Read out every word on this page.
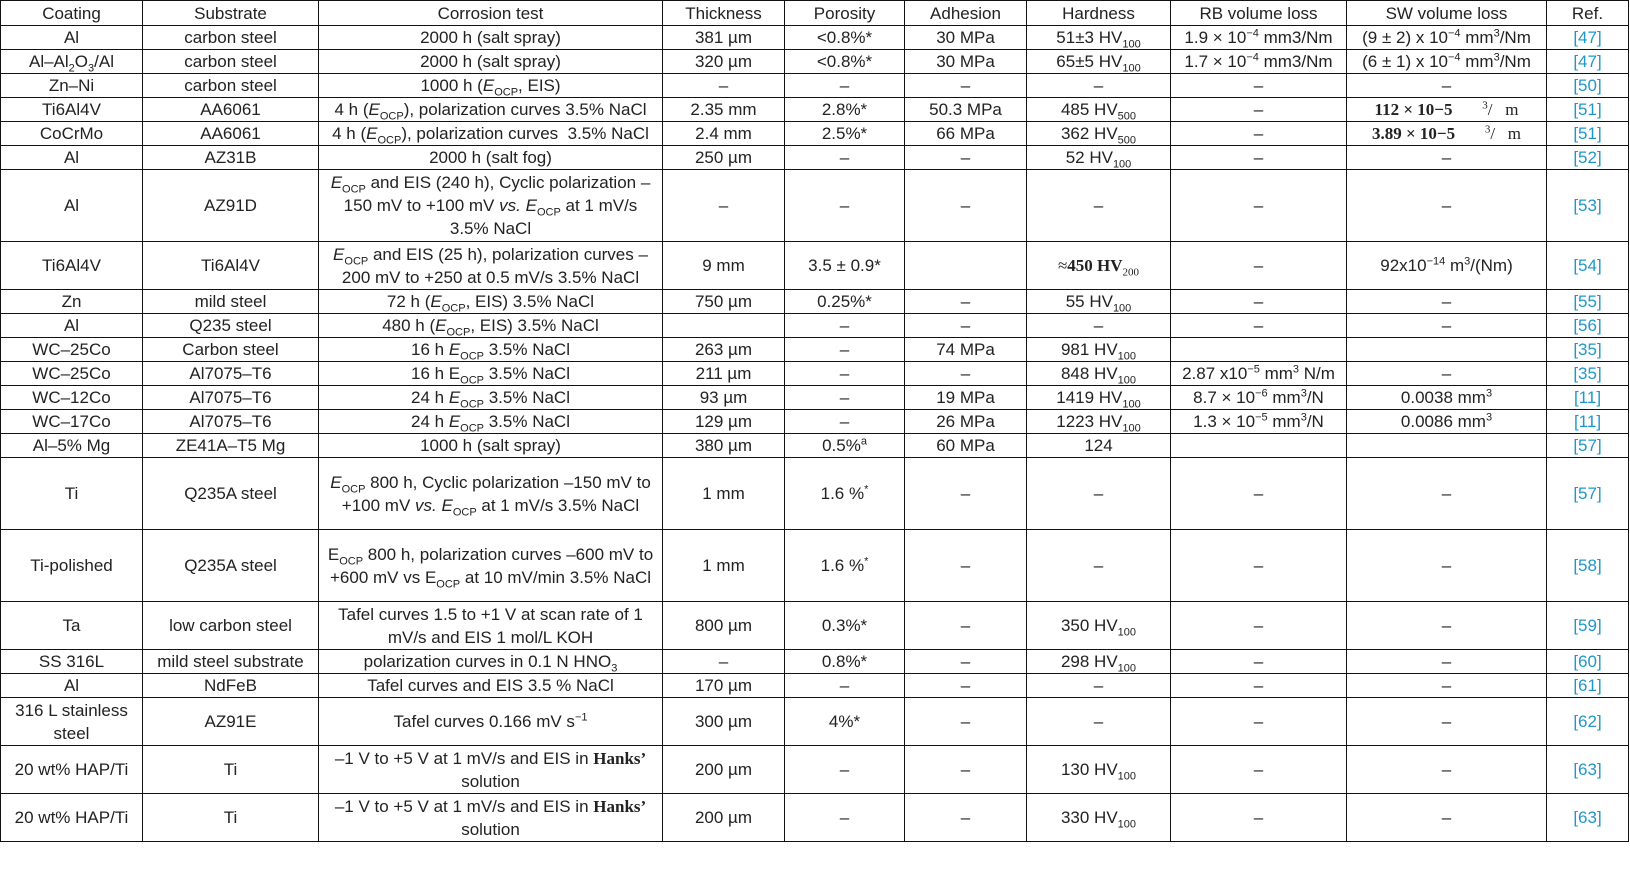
Coating	Substrate	Corrosion test	Thickness	Porosity	Adhesion	Hardness	RB volume loss	SW volume loss	Ref.
Al	carbon steel	2000 h (salt spray)	381 µm	<0.8%*	30 MPa	51±3 $HV_{100}$	$1.9 \times 10^{-4}$ mm3/Nm	(9 ± 2) x $10^{-4}$ $mm^3/Nm$	[47]
$Al-Al_2O_3/Al$	carbon steel	2000 h (salt spray)	320 µm	<0.8%*	30 MPa	65±5 $HV_{100}$	$1.7 \times 10^{-4}$ mm3/Nm	(6 ± 1) x $10^{-4}$ $mm^3/Nm$	[47]
Zn–Ni	carbon steel	1000 h ($E_{OCP}$, EIS)	–	–	–	–	–	–	[50]
Ti6Al4V	AA6061	4 h $(E_{OCP})$, polarization curves 3.5% NaCl	2.35 mm	2.8%*	50.3 MPa	485 $HV_{500}$	–	112 × 10−5 $^3$/   m	[51]
CoCrMo	AA6061	4 h $(E_{OCP})$, polarization curves  3.5% NaCl	2.4 mm	2.5%*	66 MPa	362 $HV_{500}$	–	3.89 × 10−5 $^3$/   m	[51]
Al	AZ31B	2000 h (salt fog)	250 µm	–	–	52 $HV_{100}$	–	–	[52]
Al	AZ91D	$E_{OCP}$ and EIS (240 h), Cyclic polarization –150 mV to +100 mV vs. $E_{OCP}$ at 1 mV/s 3.5% NaCl	–	–	–	–	–	–	[53]
Ti6Al4V	Ti6Al4V	$E_{OCP}$ and EIS (25 h), polarization curves –200 mV to +250 at 0.5 mV/s 3.5% NaCl	9 mm	3.5 ± 0.9*		≈450 $HV_{200}$	–	$92x10^{-14}$ $m^3/(Nm)$	[54]
Zn	mild steel	72 h ($E_{OCP}$, EIS) 3.5% NaCl	750 µm	0.25%*	–	55 $HV_{100}$	–	–	[55]
Al	Q235 steel	480 h ($E_{OCP}$, EIS) 3.5% NaCl		–	–	–	–	–	[56]
WC–25Co	Carbon steel	16 h $E_{OCP}$ 3.5% NaCl	263 µm	–	74 MPa	981 $HV_{100}$			[35]
WC–25Co	Al7075–T6	16 h $E_{OCP}$ 3.5% NaCl	211 µm	–	–	848 $HV_{100}$	2.87 $x10^{-5}$ $mm^3$ N/m	–	[35]
WC–12Co	Al7075–T6	24 h $E_{OCP}$ 3.5% NaCl	93 µm	–	19 MPa	1419 $HV_{100}$	$8.7 \times 10^{-6}$ $mm^3/N$	0.0038 $mm^3$	[11]
WC–17Co	Al7075–T6	24 h $E_{OCP}$ 3.5% NaCl	129 µm	–	26 MPa	1223 $HV_{100}$	$1.3 \times 10^{-5}$ $mm^3/N$	0.0086 $mm^3$	[11]
Al–5% Mg	ZE41A–T5 Mg	1000 h (salt spray)	380 µm	0.5%$^a$	60 MPa	124			[57]
Ti	Q235A steel	$E_{OCP}$ 800 h, Cyclic polarization –150 mV to +100 mV vs. $E_{OCP}$ at 1 mV/s 3.5% NaCl	1 mm	1.6 %*	–	–	–	–	[57]
Ti-polished	Q235A steel	$E_{OCP}$ 800 h, polarization curves –600 mV to +600 mV vs $E_{OCP}$ at 10 mV/min 3.5% NaCl	1 mm	1.6 %*	–	–	–	–	[58]
Ta	low carbon steel	Tafel curves 1.5 to +1 V at scan rate of 1 mV/s and EIS 1 mol/L KOH	800 µm	0.3%*	–	350 $HV_{100}$	–	–	[59]
SS 316L	mild steel substrate	polarization curves in 0.1 N $HNO_3$	–	0.8%*	–	298 $HV_{100}$	–	–	[60]
Al	NdFeB	Tafel curves and EIS 3.5 % NaCl	170 µm	–	–	–	–	–	[61]
316 L stainless steel	AZ91E	Tafel curves 0.166 mV $s^{-1}$	300 µm	4%*	–	–	–	–	[62]
20 wt% HAP/Ti	Ti	–1 V to +5 V at 1 mV/s and EIS in Hanks’ solution	200 µm	–	–	130 $HV_{100}$	–	–	[63]
20 wt% HAP/Ti	Ti	–1 V to +5 V at 1 mV/s and EIS in Hanks’ solution	200 µm	–	–	330 $HV_{100}$	–	–	[63]
